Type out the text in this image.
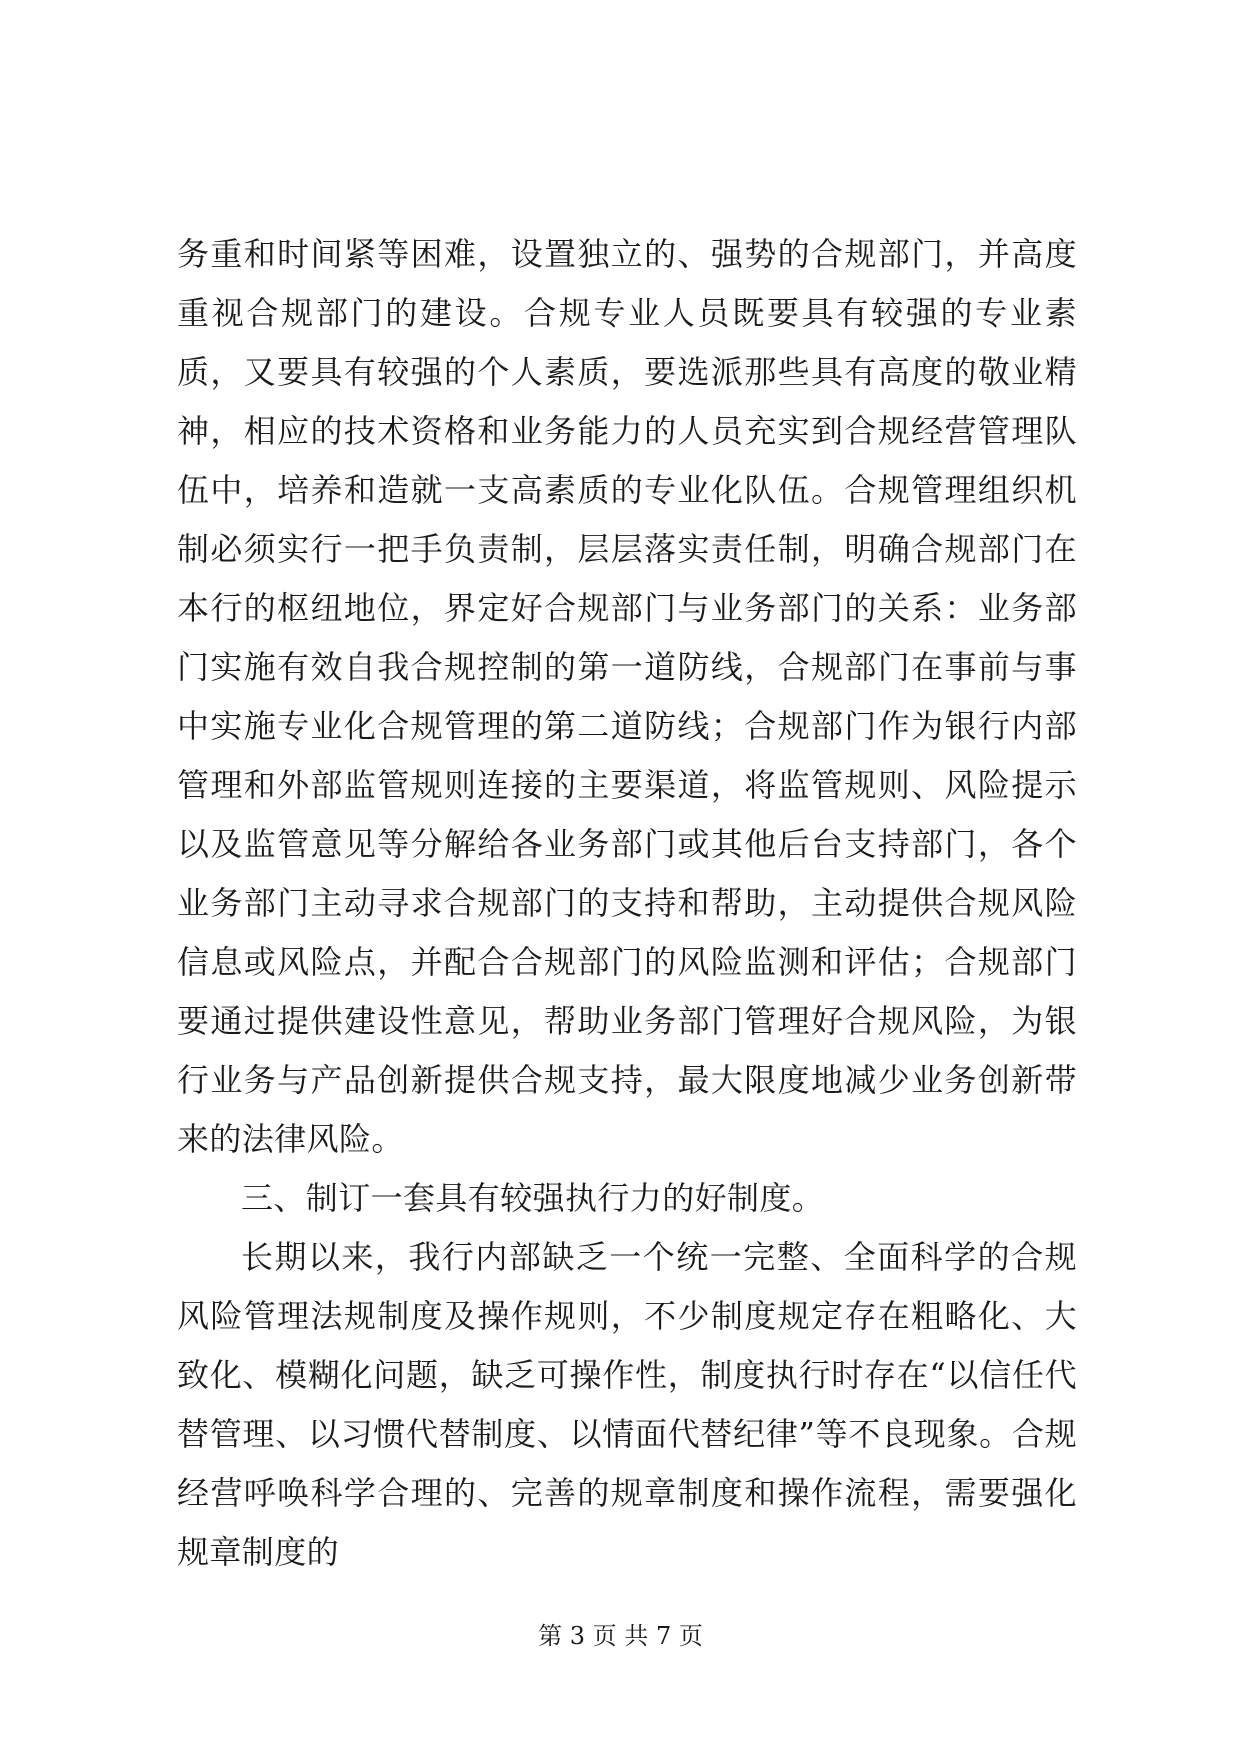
务重和时间紧等困难，设置独立的、强势的合规部门，并高度重视合规部门的建设。合规专业人员既要具有较强的专业素质，又要具有较强的个人素质，要选派那些具有高度的敬业精神，相应的技术资格和业务能力的人员充实到合规经营管理队伍中，培养和造就一支高素质的专业化队伍。合规管理组织机制必须实行一把手负责制，层层落实责任制，明确合规部门在本行的枢纽地位，界定好合规部门与业务部门的关系：业务部门实施有效自我合规控制的第一道防线，合规部门在事前与事中实施专业化合规管理的第二道防线；合规部门作为银行内部管理和外部监管规则连接的主要渠道，将监管规则、风险提示以及监管意见等分解给各业务部门或其他后台支持部门，各个业务部门主动寻求合规部门的支持和帮助，主动提供合规风险信息或风险点，并配合合规部门的风险监测和评估；合规部门要通过提供建设性意见，帮助业务部门管理好合规风险，为银行业务与产品创新提供合规支持，最大限度地减少业务创新带来的法律风险。

三、制订一套具有较强执行力的好制度。

长期以来，我行内部缺乏一个统一完整、全面科学的合规风险管理法规制度及操作规则，不少制度规定存在粗略化、大致化、模糊化问题，缺乏可操作性，制度执行时存在“以信任代替管理、以习惯代替制度、以情面代替纪律”等不良现象。合规经营呼唤科学合理的、完善的规章制度和操作流程，需要强化规章制度的

第 3 页 共 7 页
